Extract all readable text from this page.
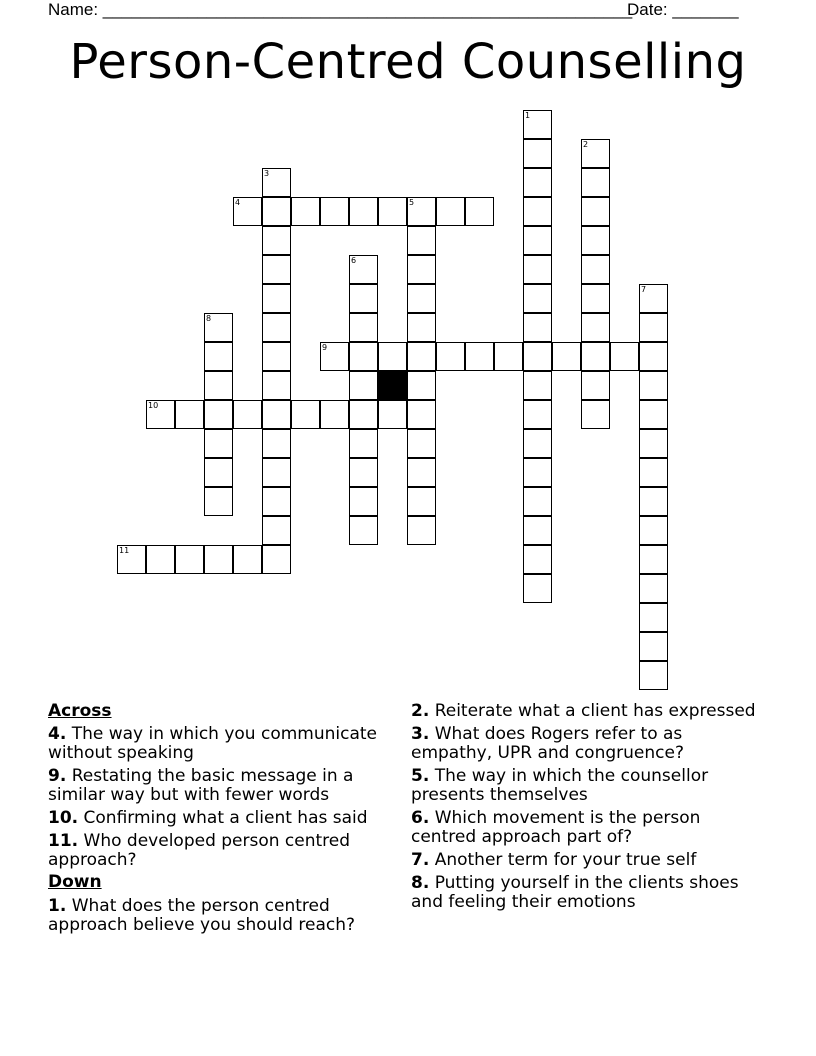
Name: ________________________________________________________
Date: _______
Person-Centred Counselling
1
2
3
4	5
6
7
8
9
10
11
Across
4. The way in which you communicate without speaking
9. Restating the basic message in a similar way but with fewer words
10. Confirming what a client has said
11. Who developed person centred approach?
Down
1. What does the person centred approach believe you should reach?
2. Reiterate what a client has expressed
3. What does Rogers refer to as empathy, UPR and congruence?
5. The way in which the counsellor presents themselves
6. Which movement is the person centred approach part of?
7. Another term for your true self
8. Putting yourself in the clients shoes and feeling their emotions
